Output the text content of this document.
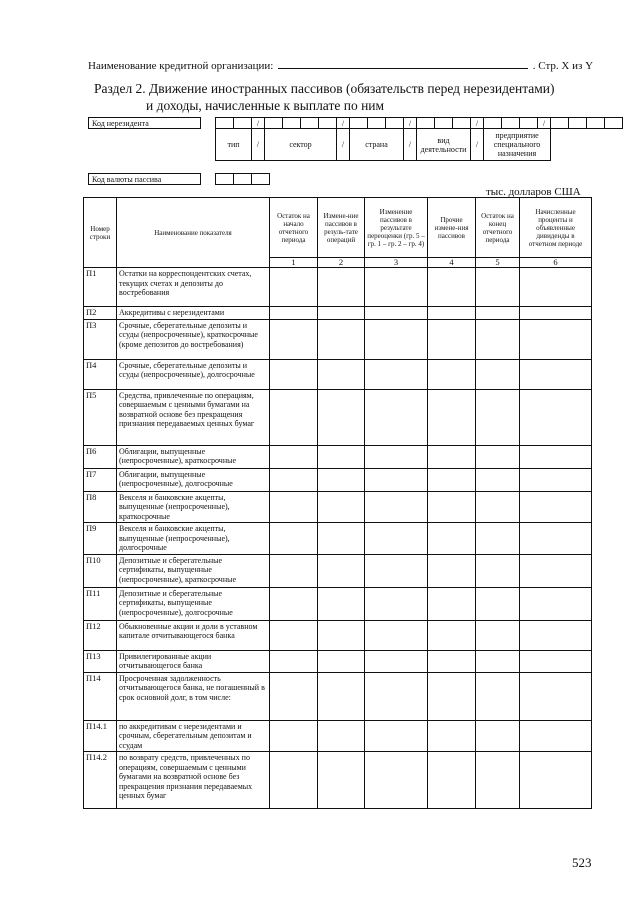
Наименование кредитной организации:	. Стр. X из Y
Раздел 2. Движение иностранных пассивов (обязательств перед нерезидентами)
и доходы, начисленные к выплате по ним
Код нерезидента				/					/				/				/				/				
		тип		/	сектор				/	страна			/	вид деятельности			/	предприятие специального назначения							
Код валюты пассива				
тыс. долларов США
Номер строки	Наименование показателя	Остаток на начало отчетного периода	Измене-ние пассивов в резуль-тате операций	Изменение пассивов в результате переоценки (гр. 5 – гр. 1 – гр. 2 – гр. 4)	Прочие измене-ния пассивов	Остаток на конец отчетного периода	Начисленные проценты и объявленные дивиденды в отчетном периоде
		1	2	3	4	5	6
П1	Остатки на корреспондентских счетах, текущих счетах и депозиты до востребования						
П2	Аккредитивы с нерезидентами						
П3	Срочные, сберегательные депозиты и ссуды (непросроченные), краткосрочные (кроме депозитов до востребования)						
П4	Срочные, сберегательные депозиты и ссуды (непросроченные), долгосрочные						
П5	Средства, привлеченные по операциям, совершаемым с ценными бумагами на возвратной основе без прекращения признания передаваемых ценных бумаг						
П6	Облигации, выпущенные (непросроченные), краткосрочные						
П7	Облигации, выпущенные (непросроченные), долгосрочные						
П8	Векселя и банковские акцепты, выпущенные (непросроченные), краткосрочные						
П9	Векселя и банковские акцепты, выпущенные (непросроченные), долгосрочные						
П10	Депозитные и сберегательные сертификаты, выпущенные (непросроченные), краткосрочные						
П11	Депозитные и сберегательные сертификаты, выпущенные (непросроченные), долгосрочные						
П12	Обыкновенные акции и доли в уставном капитале отчитывающегося банка						
П13	Привилегированные акции отчитывающегося банка						
П14	Просроченная задолженность отчитывающегося банка, не погашенный в срок основной долг, в том числе:						
П14.1	по аккредитивам с нерезидентами и срочным, сберегательным депозитам и ссудам						
П14.2	по возврату средств, привлеченных по операциям, совершаемым с ценными бумагами на возвратной основе без прекращения признания передаваемых ценных бумаг						
523
